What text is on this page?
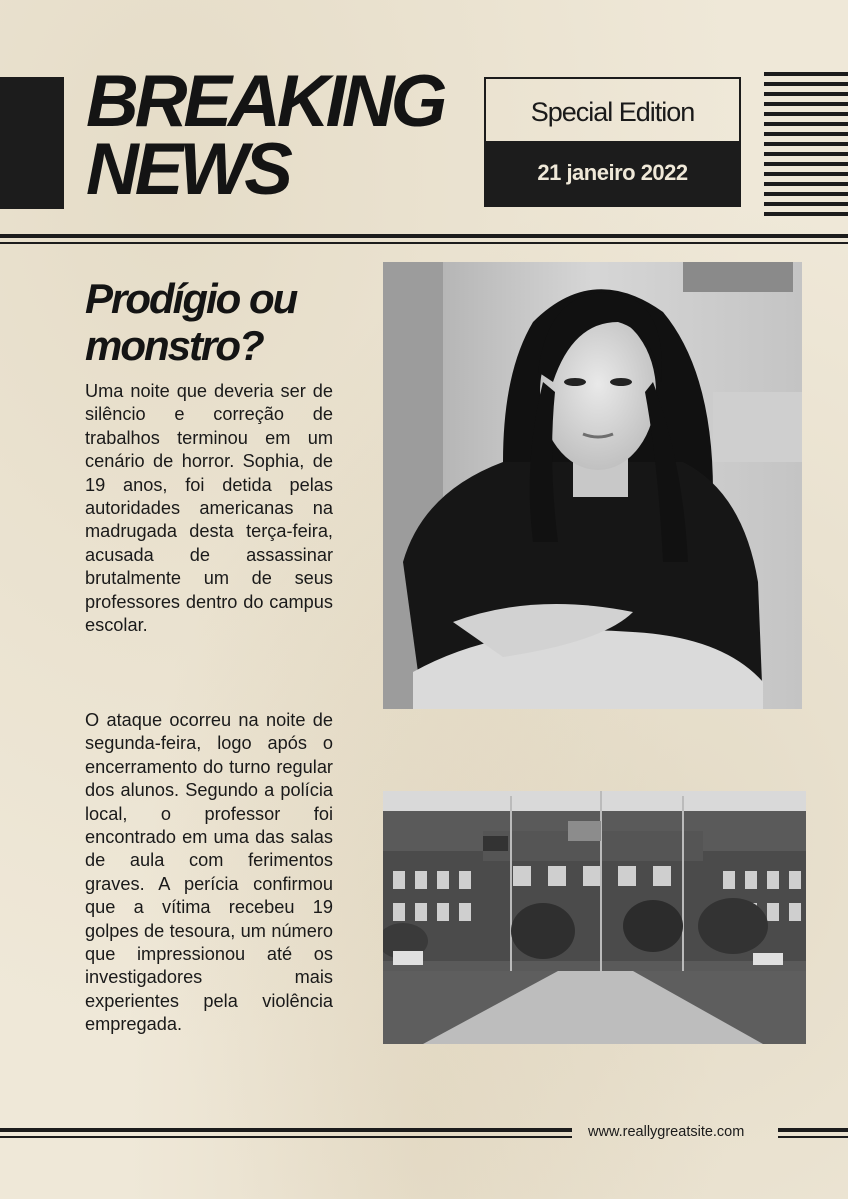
BREAKING
NEWS
Special Edition
21 janeiro 2022
Prodígio ou
monstro?

Uma noite que deveria ser de silêncio e correção de trabalhos terminou em um cenário de horror. Sophia, de 19 anos, foi detida pelas autoridades americanas na madrugada desta terça-feira, acusada de assassinar brutalmente um de seus professores dentro do campus escolar.

O ataque ocorreu na noite de segunda-feira, logo após o encerramento do turno regular dos alunos. Segundo a polícia local, o professor foi encontrado em uma das salas de aula com ferimentos graves. A perícia confirmou que a vítima recebeu 19 golpes de tesoura, um número que impressionou até os investigadores mais experientes pela violência empregada.

www.reallygreatsite.com
